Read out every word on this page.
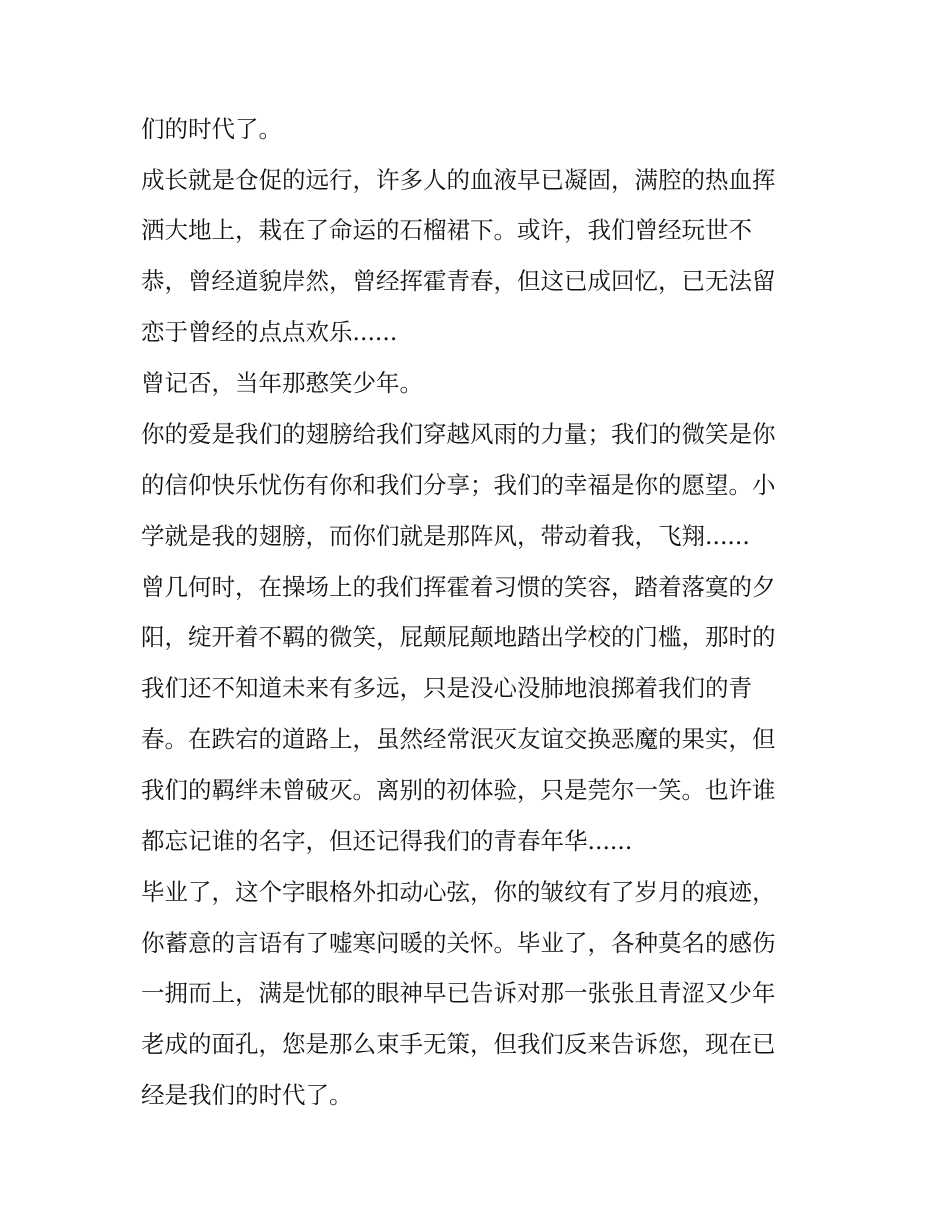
们的时代了。

成长就是仓促的远行，许多人的血液早已凝固，满腔的热血挥

洒大地上，栽在了命运的石榴裙下。或许，我们曾经玩世不

恭，曾经道貌岸然，曾经挥霍青春，但这已成回忆，已无法留

恋于曾经的点点欢乐......

曾记否，当年那憨笑少年。

你的爱是我们的翅膀给我们穿越风雨的力量；我们的微笑是你

的信仰快乐忧伤有你和我们分享；我们的幸福是你的愿望。小

学就是我的翅膀，而你们就是那阵风，带动着我，飞翔......

曾几何时，在操场上的我们挥霍着习惯的笑容，踏着落寞的夕

阳，绽开着不羁的微笑，屁颠屁颠地踏出学校的门槛，那时的

我们还不知道未来有多远，只是没心没肺地浪掷着我们的青

春。在跌宕的道路上，虽然经常泯灭友谊交换恶魔的果实，但

我们的羁绊未曾破灭。离别的初体验，只是莞尔一笑。也许谁

都忘记谁的名字，但还记得我们的青春年华......

毕业了，这个字眼格外扣动心弦，你的皱纹有了岁月的痕迹，

你蓄意的言语有了嘘寒问暖的关怀。毕业了，各种莫名的感伤

一拥而上，满是忧郁的眼神早已告诉对那一张张且青涩又少年

老成的面孔，您是那么束手无策，但我们反来告诉您，现在已

经是我们的时代了。
